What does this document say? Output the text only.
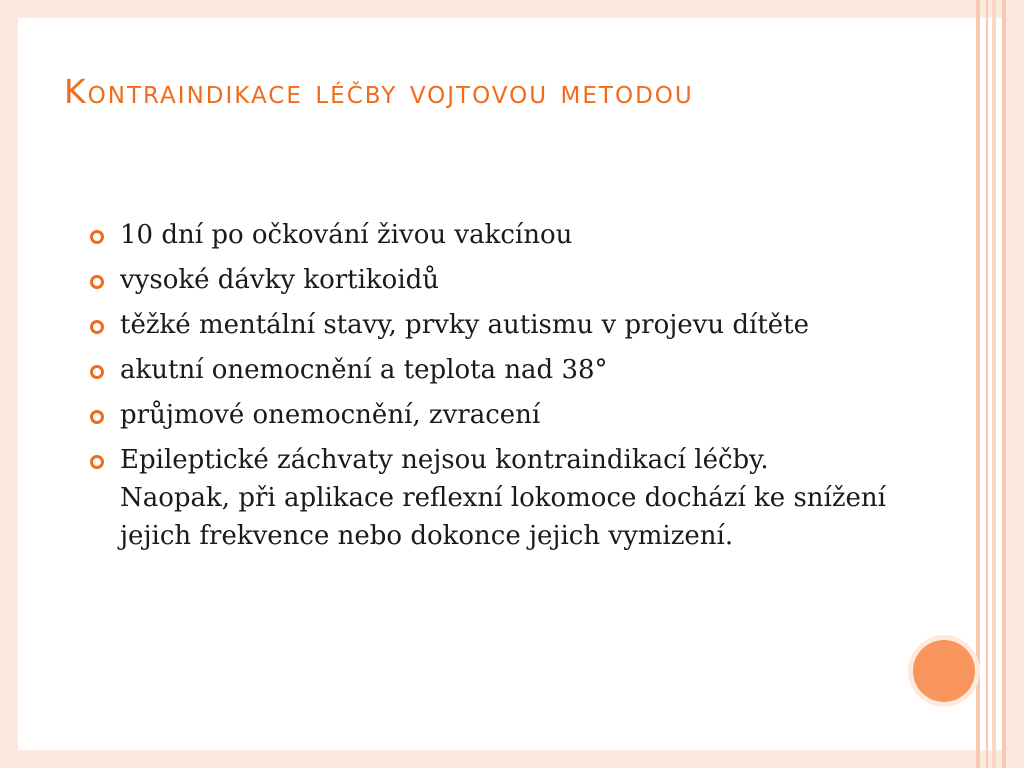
Kontraindikace léčby vojtovou metodou
10 dní po očkování živou vakcínou
vysoké dávky kortikoidů
těžké mentální stavy, prvky autismu v projevu dítěte
akutní onemocnění a teplota nad 38°
průjmové onemocnění, zvracení
Epileptické záchvaty nejsou kontraindikací léčby. Naopak, při aplikace reflexní lokomoce dochází ke snížení jejich frekvence nebo dokonce jejich vymizení.
